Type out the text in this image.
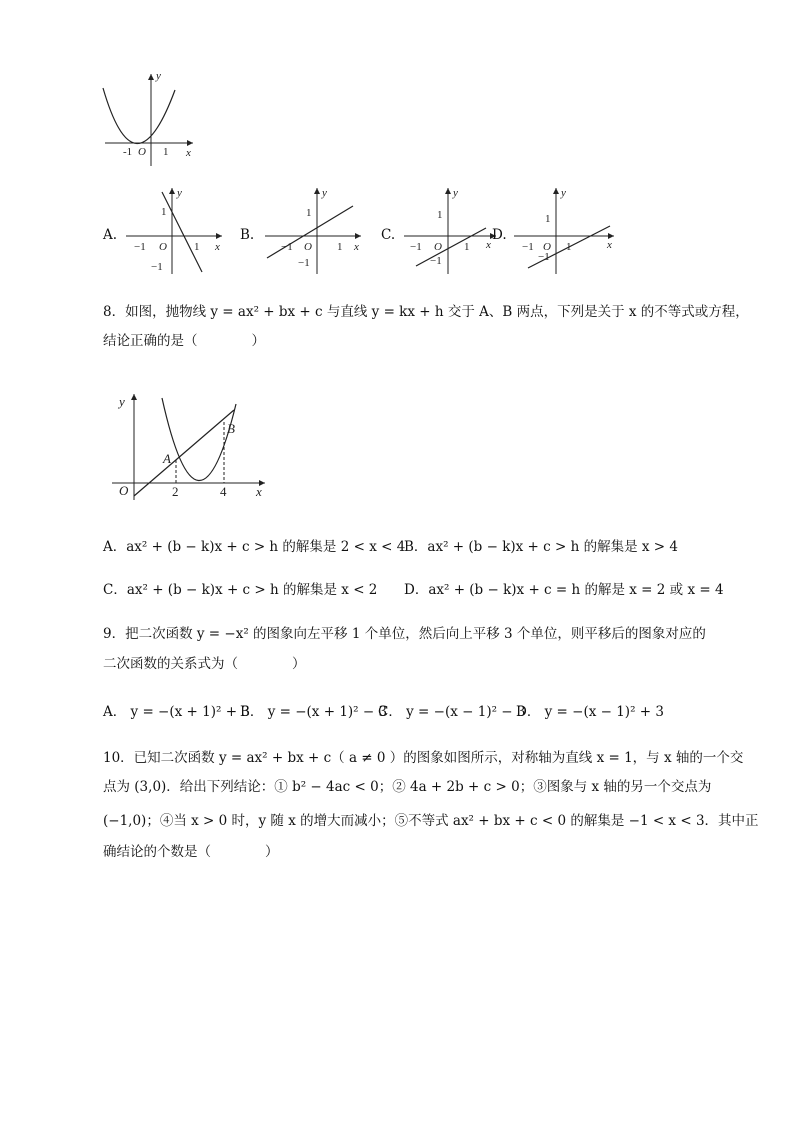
y
x
-1 O 1
A.
y
x
1
−1 O 1
−1
B.
y
x
1
−1 O 1
−1
C.
y
x
1
−1 O 1
−1
D.
y
x
1
−1 O 1
−1
8．如图，抛物线 y = ax² + bx + c 与直线 y = kx + h 交于 A、B 两点，下列是关于 x 的不等式或方程，
结论正确的是（　　　　）
y
x
O
A
B
2	4
A．ax² + (b − k)x + c > h 的解集是 2 < x < 4
B．ax² + (b − k)x + c > h 的解集是 x > 4
C．ax² + (b − k)x + c > h 的解集是 x < 2 D．ax² + (b − k)x + c = h 的解是 x = 2 或 x = 4
9．把二次函数 y = −x² 的图象向左平移 1 个单位，然后向上平移 3 个单位，则平移后的图象对应的
二次函数的关系式为（　　　　）
A． y = −(x + 1)² + 3
B． y = −(x + 1)² − 3
C． y = −(x − 1)² − 3
D． y = −(x − 1)² + 3
10．已知二次函数 y = ax² + bx + c（ a ≠ 0 ）的图象如图所示，对称轴为直线 x = 1，与 x 轴的一个交
点为 (3,0)．给出下列结论：① b² − 4ac < 0；② 4a + 2b + c > 0；③图象与 x 轴的另一个交点为
(−1,0)；④当 x > 0 时，y 随 x 的增大而减小；⑤不等式 ax² + bx + c < 0 的解集是 −1 < x < 3．其中正
确结论的个数是（　　　　）
